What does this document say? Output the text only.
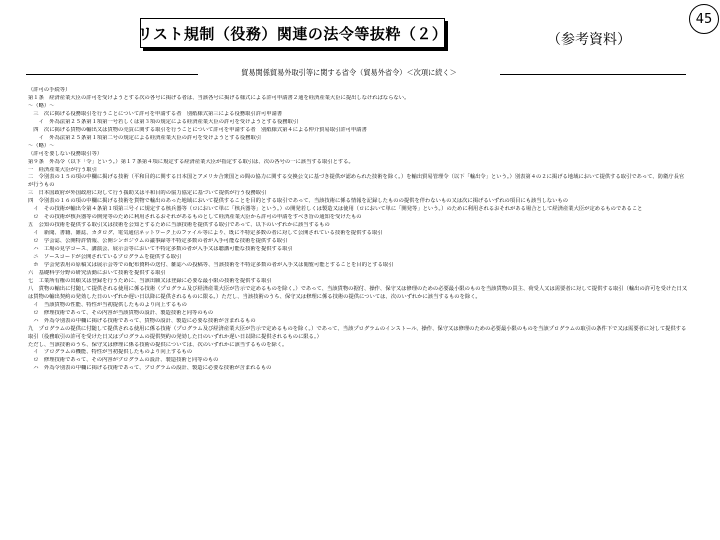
リスト規制（役務）関連の法令等抜粋（２）	（参考資料）
45
貿易関係貿易外取引等に関する省令（貿易外省令）＜次項に続く＞
（許可の手続等）
第１条　経済産業大臣の許可を受けようとする次の各号に掲げる者は、当該各号に掲げる様式による許可申請書２通を経済産業大臣に提出しなければならない。
～（略）～
　三　次に掲げる役務取引を行うことについて許可を申請する者　別紙様式第三による役務取引許可申請書
　　イ　外為法第２５条第１項第一号若しくは第３項の規定による経済産業大臣の許可を受けようとする役務取引
　四　次に掲げる貨物の輸出又は貨物の売買に関する取引を行うことについて許可を申請する者　別紙様式第４による仲介貿易取引許可申請書
　　イ　外為法第２５条第１項第二号の規定による経済産業大臣の許可を受けようとする役務取引
～（略）～
（許可を要しない役務取引等）
第９条　外為令（以下「令」という。）第１７条第４項に規定する経済産業大臣が指定する取引は、次の各号の一に該当する取引とする。
一　経済産業大臣が行う取引
二　令別表の１５の項の中欄に掲げる技術（平和目的に関する日本国とアメリカ合衆国との間の協力に関する交換公文に基づき提供が認められた技術を除く。）を輸出貿易管理令（以下「輸出令」という。）別表第４の２に掲げる地域において提供する取引であって、防衛庁長官が行うもの
三　日本国政府が外国政府に対して行う援助又は平和目的の協力協定に基づいて提供が行う役務取引
四　令別表の１６の項の中欄に掲げる技術を貨物で輸出のあった地域において提供することを目的とする取引であって、当該技術に係る情報を記録したものの提供を伴わないもの又は次に掲げるいずれの項目にも該当しないもの
　イ　その技術が輸出令第４条第１項第三号イに規定する核兵器等（ロにおいて単に「核兵器等」という。）の開発若しくは製造又は使用（ロにおいて単に「開発等」という。）のために利用されるおそれがある場合として経済産業大臣が定めるものであること
　ロ　その技術が核兵器等の開発等のために利用されるおそれがあるものとして経済産業大臣から許可の申請をすべき旨の通知を受けたもの
五　公知の技術を提供する取引又は技術を公知とするために当該技術を提供する取引であって、以下のいずれかに該当するもの
　イ　新聞、書籍、雑誌、カタログ、電気通信ネットワーク上のファイル等により、既に不特定多数の者に対して公開されている技術を提供する取引
　ロ　学会誌、公開特許情報、公開シンポジウムの議事録等不特定多数の者が入手可能な技術を提供する取引
　ハ　工場の見学コース、講演会、展示会等において不特定多数の者が入手又は聴講可能な技術を提供する取引
　ニ　ソースコードが公開されているプログラムを提供する取引
　ホ　学会発表用の原稿又は展示会等での配布資料の送付、雑誌への投稿等、当該技術を不特定多数の者が入手又は閲覧可能とすることを目的とする取引
六　基礎科学分野の研究活動において技術を提供する取引
七　工業所有権の出願又は登録を行うために、当該出願又は登録に必要な最小限の技術を提供する取引
八　貨物の輸出に付随して提供される使用に係る技術（プログラム及び経済産業大臣が告示で定めるものを除く。）であって、当該貨物の据付、操作、保守又は修理のための必要最小限のものを当該貨物の買主、荷受人又は需要者に対して提供する取引（輸出の許可を受けた日又は貨物の輸出契約の発効した日のいずれか遅い日以降に提供されるものに限る。）ただし、当該技術のうち、保守又は修理に係る技術の提供については、次のいずれかに該当するものを除く。
　イ　当該貨物の性能、特性が当初提供したものより向上するもの
　ロ　修理技術であって、その内容が当該貨物の設計、製造技術と同等のもの
　ハ　外為令別表の中欄に掲げる技術であって、貨物の設計、製造に必要な技術が含まれるもの
九　プログラムの提供に付随して提供される使用に係る技術（プログラム及び経済産業大臣が告示で定めるものを除く。）であって、当該プログラムのインストール、操作、保守又は修理のための必要最小限のものを当該プログラムの取引の条件下で又は需要者に対して提供する取引（役務取引の許可を受けた日又はプログラムの提供契約の発効した日のいずれか遅い日以降に提供されるものに限る。）
ただし、当該技術のうち、保守又は修理に係る技術の提供については、次のいずれかに該当するものを除く。
　イ　プログラムの機能、特性が当初提供したものより向上するもの
　ロ　修理技術であって、その内容がプログラムの設計、製造技術と同等のもの
　ハ　外為令別表の中欄に掲げる技術であって、プログラムの設計、製造に必要な技術が含まれるもの
